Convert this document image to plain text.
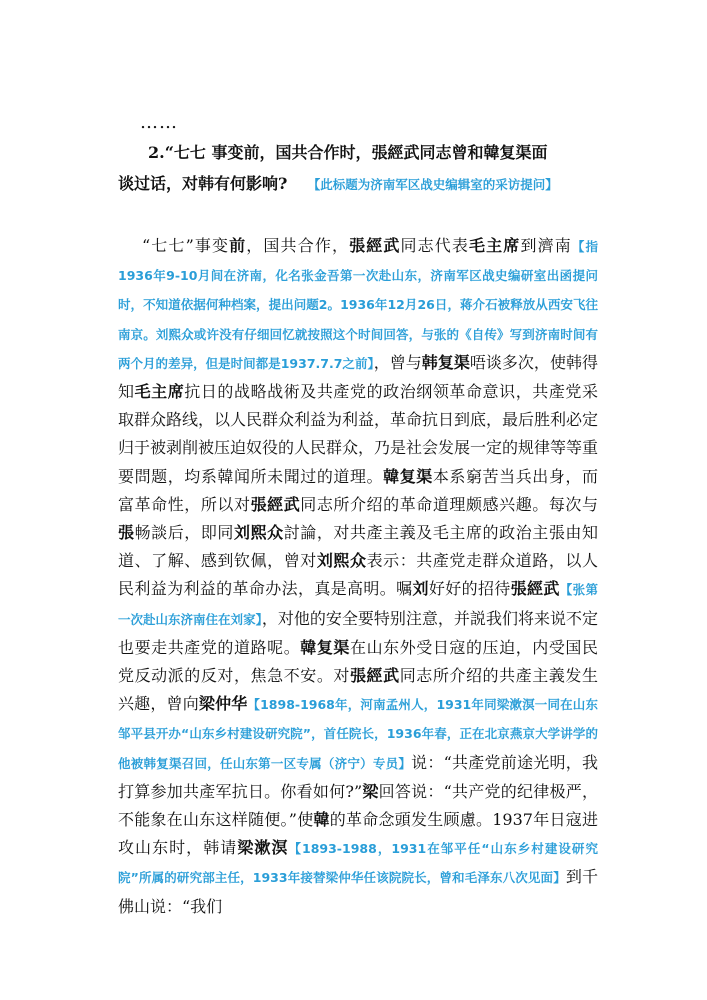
……
2.“七七 事变前，国共合作时，張經武同志曾和韓复渠面
谈过话，对韩有何影响? 【此标题为济南军区战史编辑室的采访提问】
“七七”事变前，国共合作，張經武同志代表毛主席到濟南【指1936年9-10月间在济南，化名张金吾第一次赴山东，济南军区战史编研室出函提问时，不知道依据何种档案，提出问题2。1936年12月26日，蒋介石被释放从西安飞往南京。刘熙众或许没有仔细回忆就按照这个时间回答，与张的《自传》写到济南时间有两个月的差异，但是时间都是1937.7.7之前】，曾与韩复渠唔谈多次，使韩得知毛主席抗日的战略战術及共產党的政治纲领革命意识，共產党采取群众路线，以人民群众利益为利益，革命抗日到底，最后胜利必定归于被剥削被压迫奴役的人民群众，乃是社会发展一定的规律等等重要問题，均系韓闻所未聞过的道理。韓复渠本系窮苦当兵出身，而富革命性，所以对張經武同志所介绍的革命道理颇感兴趣。每次与張畅談后，即同刘熙众討論，对共產主義及毛主席的政治主張由知道、了解、感到钦佩，曾对刘熙众表示：共產党走群众道路，以人民利益为利益的革命办法，真是高明。嘱刘好好的招待張經武【张第一次赴山东济南住在刘家】，对他的安全要特别注意，并説我们将来说不定也要走共產党的道路呢。韓复渠在山东外受日寇的压迫，内受国民党反动派的反对，焦急不安。对張經武同志所介绍的共產主義发生兴趣，曾向梁仲华【1898-1968年，河南孟州人，1931年同梁漱溟一同在山东邹平县开办“山东乡村建设研究院”，首任院长，1936年春，正在北京燕京大学讲学的他被韩复渠召回，任山东第一区专属（济宁）专员】说：“共產党前途光明，我打算参加共產军抗日。你看如何?”梁回答说：“共产党的纪律极严，不能象在山东这样随便。”使韓的革命念頭发生顾慮。1937年日寇进攻山东时，韩请梁漱溟【1893-1988，1931在邹平任“山东乡村建设研究院”所属的研究部主任，1933年接替梁仲华任该院院长，曾和毛泽东八次见面】到千佛山说：“我们
